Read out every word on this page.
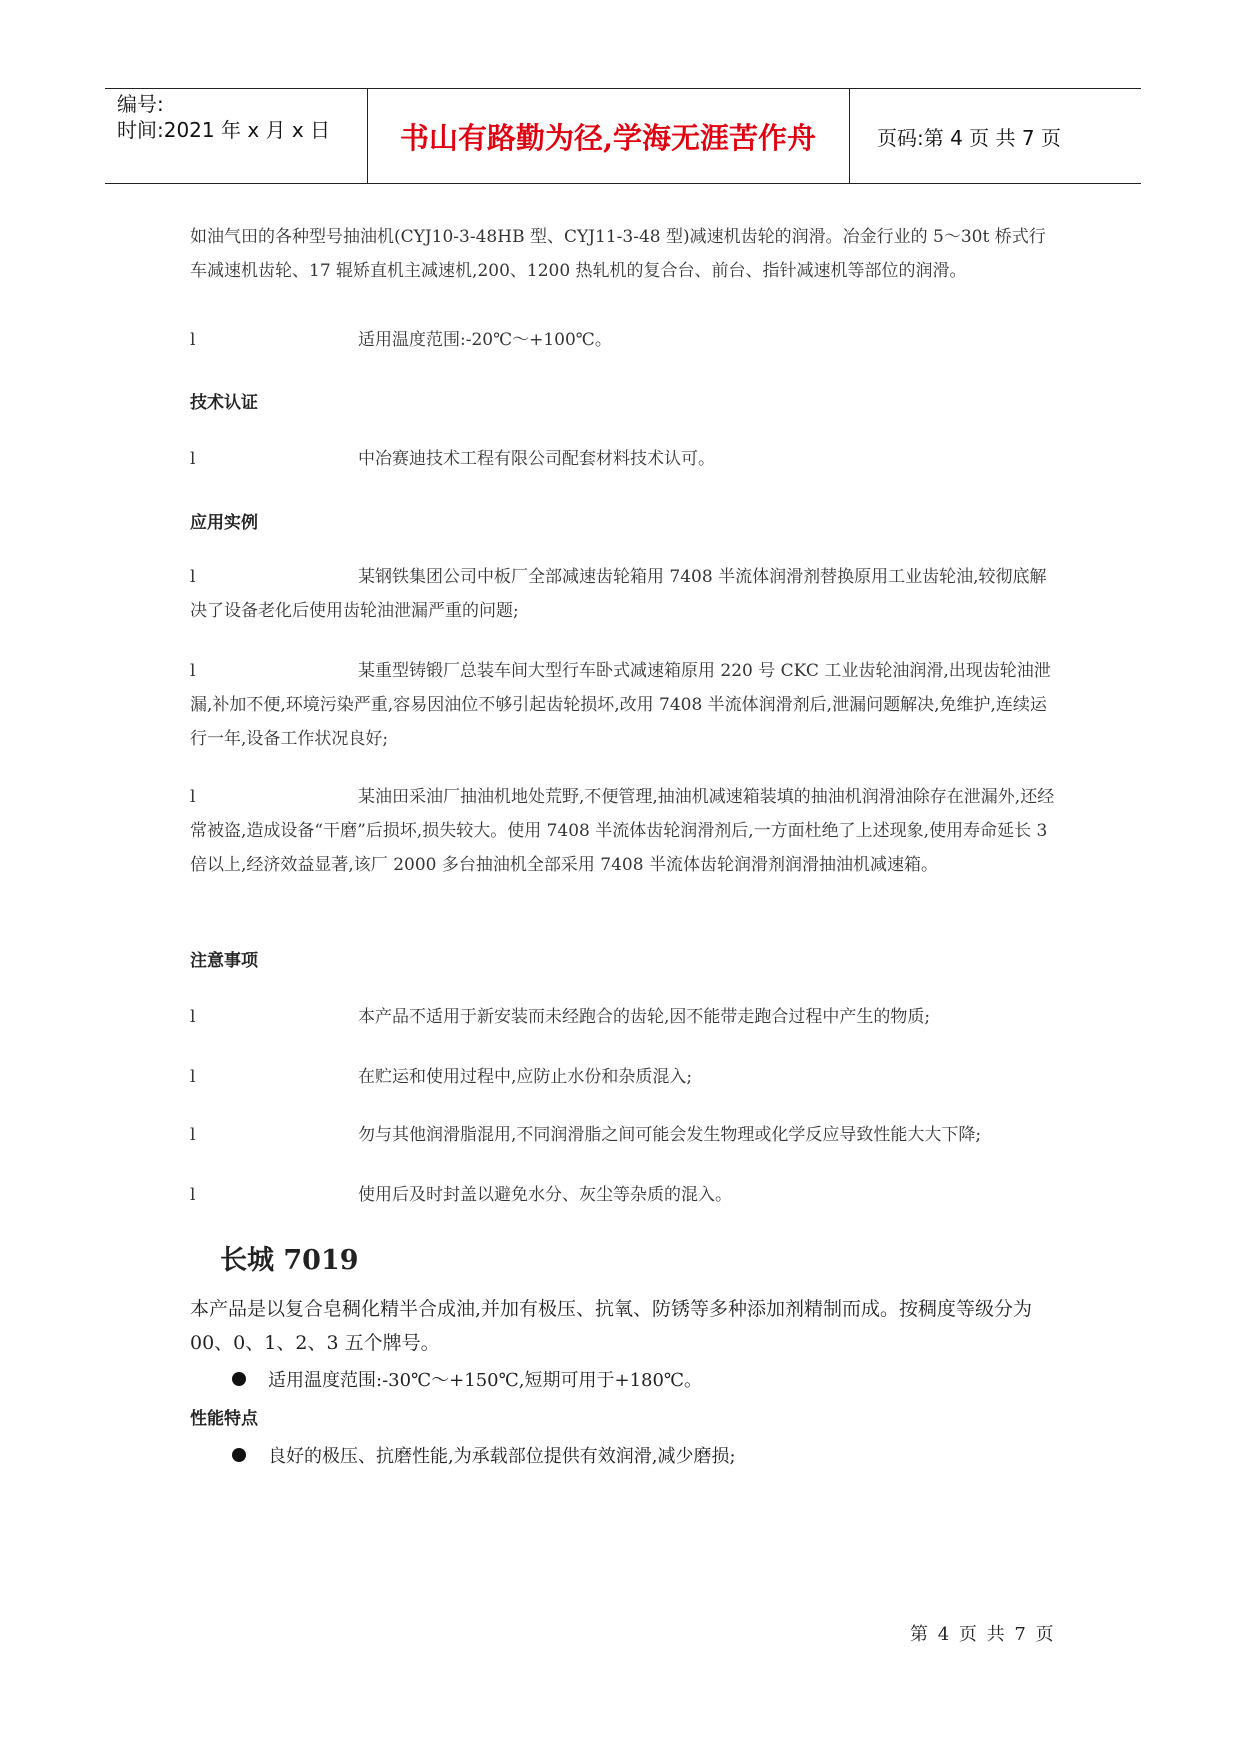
编号:
时间:2021 年 x 月 x 日	书山有路勤为径,学海无涯苦作舟	页码:第 4 页 共 7 页

如油气田的各种型号抽油机(CYJ10-3-48HB 型、CYJ11-3-48 型)减速机齿轮的润滑。冶金行业的 5～30t 桥式行车减速机齿轮、17 辊矫直机主减速机,200、1200 热轧机的复合台、前台、指针减速机等部位的润滑。

l	适用温度范围:-20℃～+100℃。
技术认证
l	中冶赛迪技术工程有限公司配套材料技术认可。
应用实例
l	某钢铁集团公司中板厂全部减速齿轮箱用 7408 半流体润滑剂替换原用工业齿轮油,较彻底解决了设备老化后使用齿轮油泄漏严重的问题;
l	某重型铸锻厂总装车间大型行车卧式减速箱原用 220 号 CKC 工业齿轮油润滑,出现齿轮油泄漏,补加不便,环境污染严重,容易因油位不够引起齿轮损坏,改用 7408 半流体润滑剂后,泄漏问题解决,免维护,连续运行一年,设备工作状况良好;
l	某油田采油厂抽油机地处荒野,不便管理,抽油机减速箱装填的抽油机润滑油除存在泄漏外,还经常被盗,造成设备“干磨”后损坏,损失较大。使用 7408 半流体齿轮润滑剂后,一方面杜绝了上述现象,使用寿命延长 3 倍以上,经济效益显著,该厂 2000 多台抽油机全部采用 7408 半流体齿轮润滑剂润滑抽油机减速箱。
注意事项
l	本产品不适用于新安装而未经跑合的齿轮,因不能带走跑合过程中产生的物质;
l	在贮运和使用过程中,应防止水份和杂质混入;
l	勿与其他润滑脂混用,不同润滑脂之间可能会发生物理或化学反应导致性能大大下降;
l	使用后及时封盖以避免水分、灰尘等杂质的混入。
长城 7019
本产品是以复合皂稠化精半合成油,并加有极压、抗氧、防锈等多种添加剂精制而成。按稠度等级分为 00、0、1、2、3 五个牌号。
适用温度范围:-30℃～+150℃,短期可用于+180℃。
性能特点
良好的极压、抗磨性能,为承载部位提供有效润滑,减少磨损;
第 4 页 共 7 页
